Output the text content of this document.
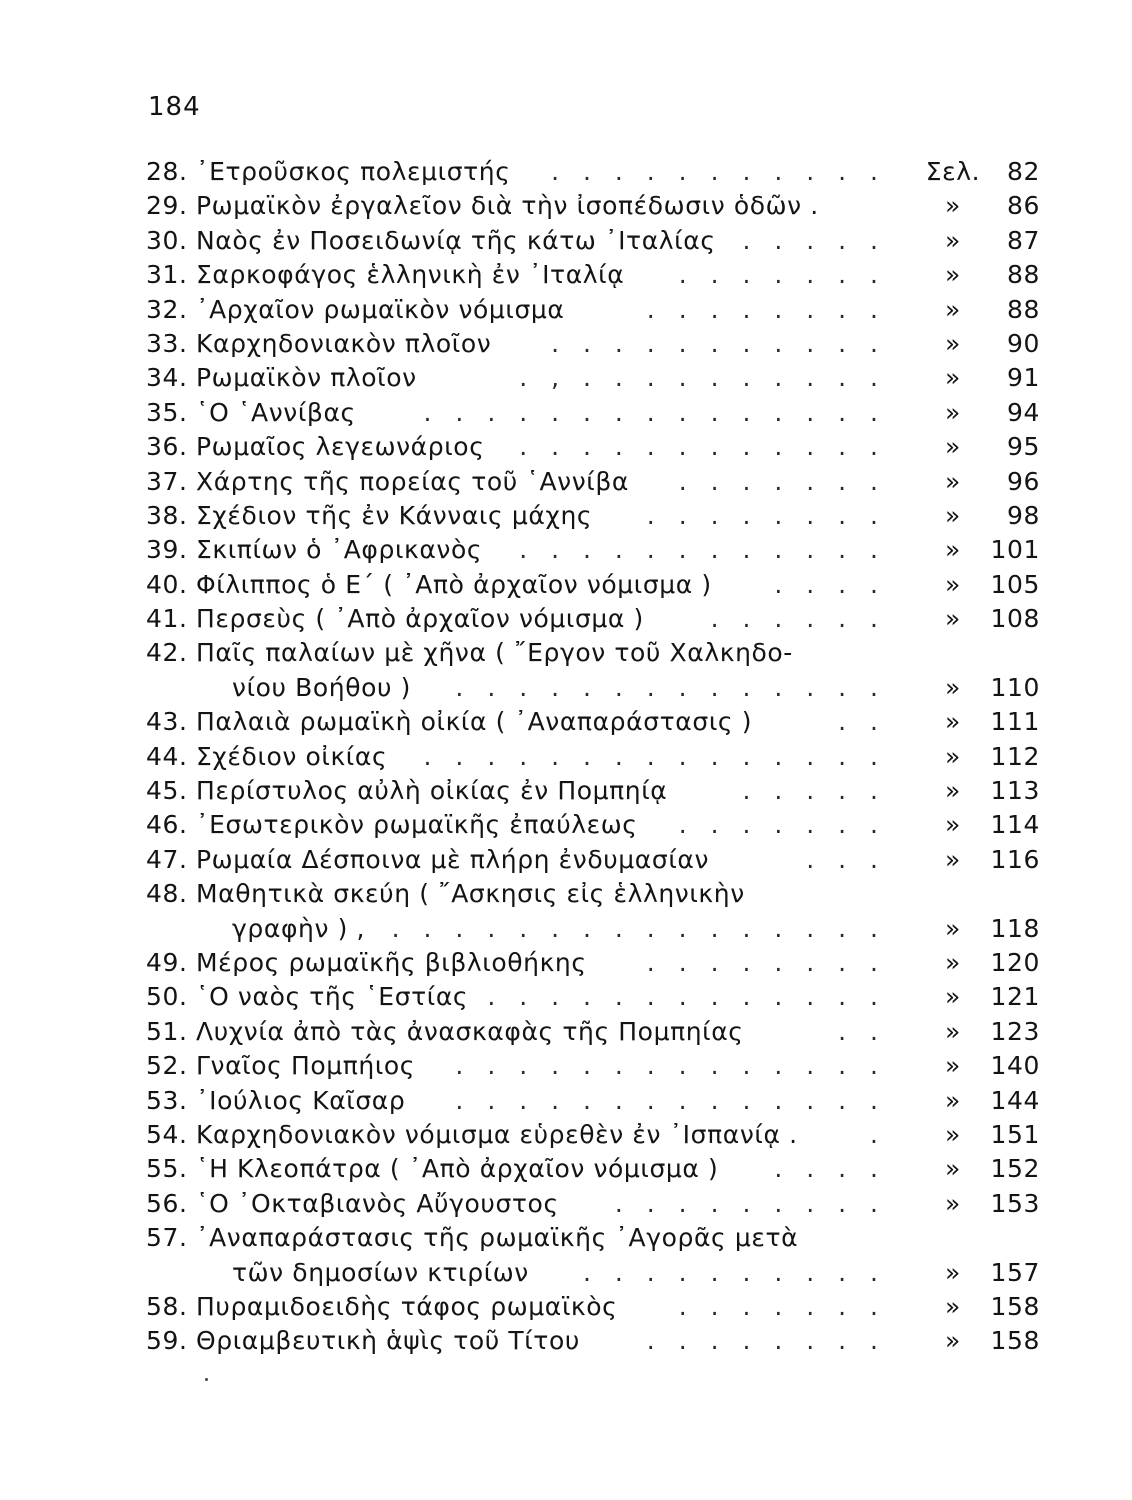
184
28. ᾿Ετροῦσκος πολεμιστής . . . . . . . . . . .	Σελ.	82
29. Ρωμαϊκὸν ἐργαλεῖον διὰ τὴν ἰσοπέδωσιν ὁδῶν .	»	86
30. Ναὸς ἐν Ποσειδωνίᾳ τῆς κάτω ᾿Ιταλίας . . . . .	»	87
31. Σαρκοφάγος ἑλληνικὴ ἐν ᾿Ιταλίᾳ . . . . . . .	»	88
32. ᾿Αρχαῖον ρωμαϊκὸν νόμισμα	. . . . . . . .	»	88
33. Καρχηδονιακὸν πλοῖον . . . . . . . . . . .	»	90
34. Ρωμαϊκὸν πλοῖον	. , . . . . . . . . . .	»	91
35. ῾Ο ῾Αννίβας	. . . . . . . . . . . . . . .	»	94
36. Ρωμαῖος λεγεωνάριος . . . . . . . . . . . .	»	95
37. Χάρτης τῆς πορείας τοῦ ῾Αννίβα . . . . . . .	»	96
38. Σχέδιον τῆς ἐν Κάνναις μάχης . . . . . . . .	»	98
39. Σκιπίων ὁ ᾿Αφρικανὸς . . . . . . . . . . . .	»	101
40. Φίλιππος ὁ Ε΄ ( ᾿Απὸ ἀρχαῖον νόμισμα )	. . . .	»	105
41. Περσεὺς ( ᾿Απὸ ἀρχαῖον νόμισμα )	. . . . . .	»	108
42. Παῖς παλαίων μὲ χῆνα ( ῎Εργον τοῦ Χαλκηδο-
νίου Βοήθου ) . . . . . . . . . . . . . .	»	110
43. Παλαιὰ ρωμαϊκὴ οἰκία ( ᾿Αναπαράστασις )	. .	»	111
44. Σχέδιον οἰκίας . . . . . . . . . . . . . . .	»	112
45. Περίστυλος αὐλὴ οἰκίας ἐν Πομπηίᾳ	. . . . .	»	113
46. ᾿Εσωτερικὸν ρωμαϊκῆς ἐπαύλεως . . . . . . .	»	114
47. Ρωμαία Δέσποινα μὲ πλήρη ἐνδυμασίαν	. . .	»	116
48. Μαθητικὰ σκεύη ( ῎Ασκησις εἰς ἑλληνικὴν
γραφὴν ) , . . . . . . . . . . . . . . . .	»	118
49. Μέρος ρωμαϊκῆς βιβλιοθήκης . . . . . . . .	»	120
50. ῾Ο ναὸς τῆς ῾Εστίας . . . . . . . . . . . . .	»	121
51. Λυχνία ἀπὸ τὰς ἀνασκαφὰς τῆς Πομπηίας	. .	»	123
52. Γναῖος Πομπήιος . . . . . . . . . . . . . .	»	140
53. ᾿Ιούλιος Καῖσαρ . . . . . . . . . . . . . .	»	144
54. Καρχηδονιακὸν νόμισμα εὑρεθὲν ἐν ᾿Ισπανίᾳ .	.	»	151
55. ῾Η Κλεοπάτρα ( ᾿Απὸ ἀρχαῖον νόμισμα ) . . . .	»	152
56. ῾Ο ᾿Οκταβιανὸς Αὔγουστος . . . . . . . . .	»	153
57. ᾿Αναπαράστασις τῆς ρωμαϊκῆς ᾿Αγορᾶς μετὰ
τῶν δημοσίων κτιρίων . . . . . . . . . .	»	157
58. Πυραμιδοειδὴς τάφος ρωμαϊκὸς . . . . . . .	»	158
59. Θριαμβευτικὴ ἁψὶς τοῦ Τίτου	. . . . . . . .	»	158
